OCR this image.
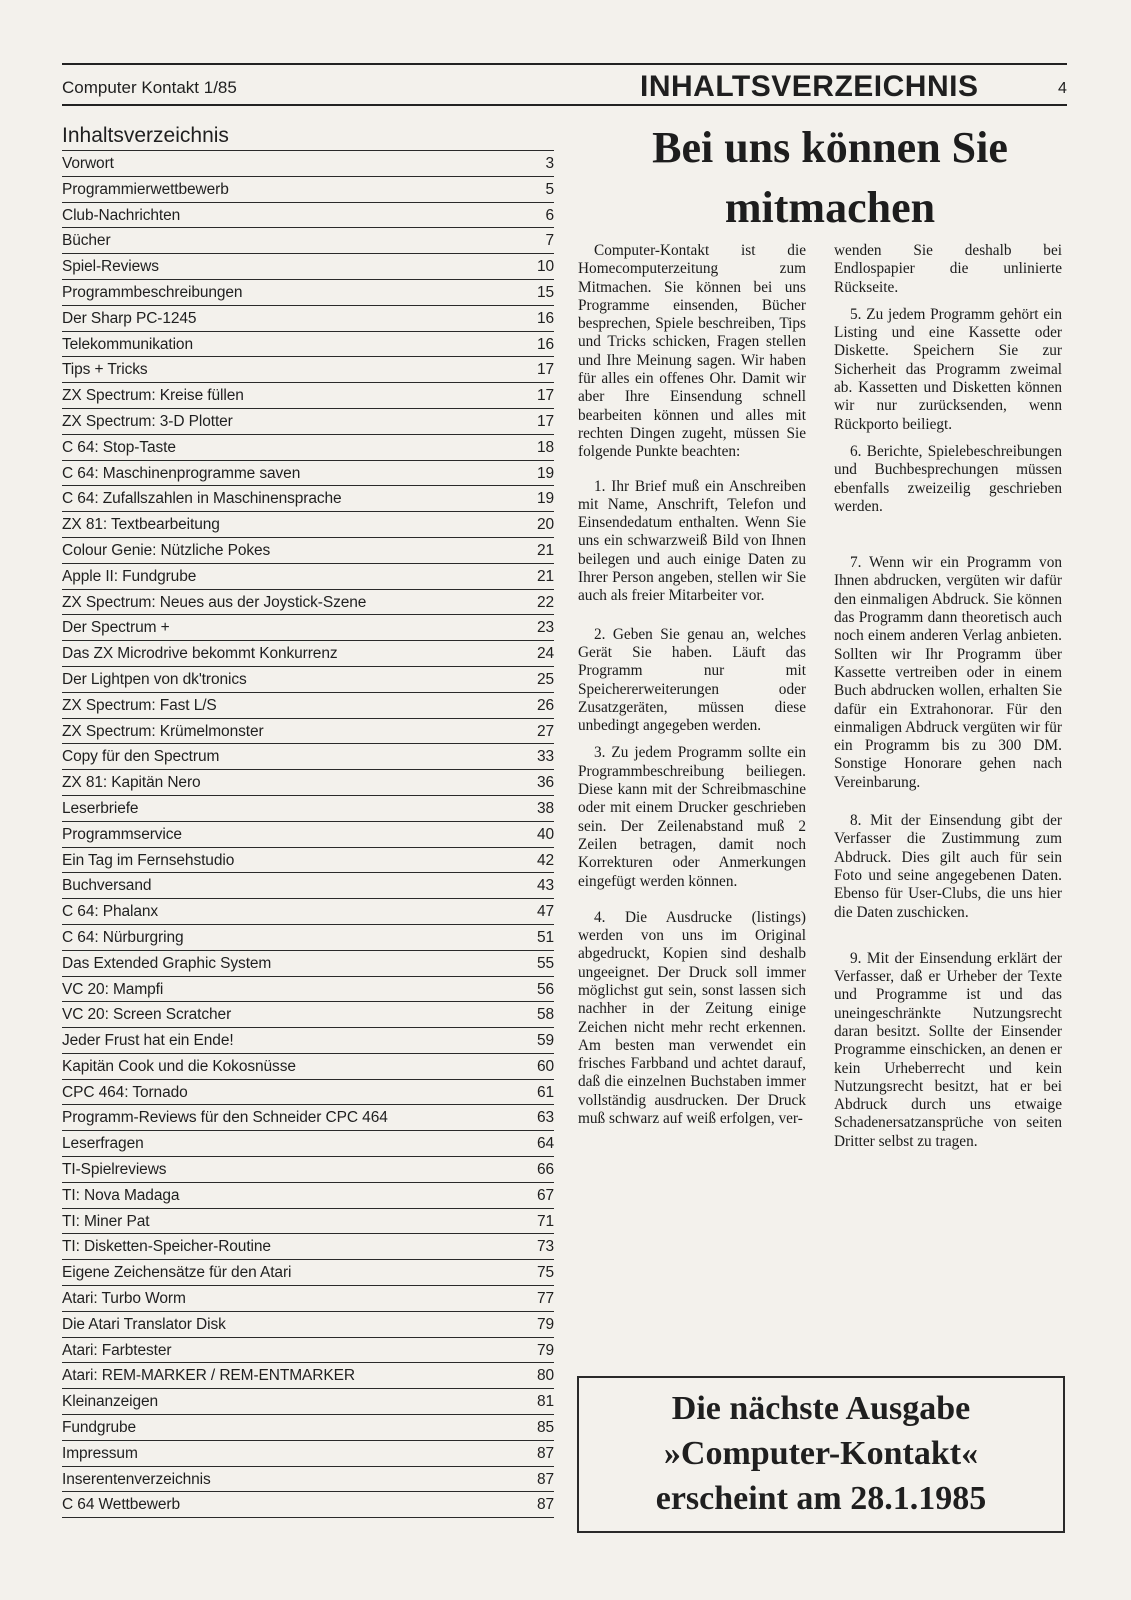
Computer Kontakt 1/85	INHALTSVERZEICHNIS	4
Inhaltsverzeichnis
Vorwort	3
Programmierwettbewerb	5
Club-Nachrichten	6
Bücher	7
Spiel-Reviews	10
Programmbeschreibungen	15
Der Sharp PC-1245	16
Telekommunikation	16
Tips + Tricks	17
ZX Spectrum: Kreise füllen	17
ZX Spectrum: 3-D Plotter	17
C 64: Stop-Taste	18
C 64: Maschinenprogramme saven	19
C 64: Zufallszahlen in Maschinensprache	19
ZX 81: Textbearbeitung	20
Colour Genie: Nützliche Pokes	21
Apple II: Fundgrube	21
ZX Spectrum: Neues aus der Joystick-Szene	22
Der Spectrum +	23
Das ZX Microdrive bekommt Konkurrenz	24
Der Lightpen von dk'tronics	25
ZX Spectrum: Fast L/S	26
ZX Spectrum: Krümelmonster	27
Copy für den Spectrum	33
ZX 81: Kapitän Nero	36
Leserbriefe	38
Programmservice	40
Ein Tag im Fernsehstudio	42
Buchversand	43
C 64: Phalanx	47
C 64: Nürburgring	51
Das Extended Graphic System	55
VC 20: Mampfi	56
VC 20: Screen Scratcher	58
Jeder Frust hat ein Ende!	59
Kapitän Cook und die Kokosnüsse	60
CPC 464: Tornado	61
Programm-Reviews für den Schneider CPC 464	63
Leserfragen	64
TI-Spielreviews	66
TI: Nova Madaga	67
TI: Miner Pat	71
TI: Disketten-Speicher-Routine	73
Eigene Zeichensätze für den Atari	75
Atari: Turbo Worm	77
Die Atari Translator Disk	79
Atari: Farbtester	79
Atari: REM-MARKER / REM-ENTMARKER	80
Kleinanzeigen	81
Fundgrube	85
Impressum	87
Inserentenverzeichnis	87
C 64 Wettbewerb	87
Bei uns können Sie
mitmachen

Computer-Kontakt ist die Homecomputerzeitung zum Mitmachen. Sie können bei uns Programme einsenden, Bücher besprechen, Spiele beschreiben, Tips und Tricks schicken, Fragen stellen und Ihre Meinung sagen. Wir haben für alles ein offenes Ohr. Damit wir aber Ihre Einsendung schnell bearbeiten können und alles mit rechten Dingen zugeht, müssen Sie folgende Punkte beachten:

1. Ihr Brief muß ein Anschreiben mit Name, Anschrift, Telefon und Einsendedatum enthalten. Wenn Sie uns ein schwarzweiß Bild von Ihnen beilegen und auch einige Daten zu Ihrer Person angeben, stellen wir Sie auch als freier Mitarbeiter vor.

2. Geben Sie genau an, welches Gerät Sie haben. Läuft das Programm nur mit Speichererweiterungen oder Zusatzgeräten, müssen diese unbedingt angegeben werden.

3. Zu jedem Programm sollte ein Programmbeschreibung beiliegen. Diese kann mit der Schreibmaschine oder mit einem Drucker geschrieben sein. Der Zeilenabstand muß 2 Zeilen betragen, damit noch Korrekturen oder Anmerkungen eingefügt werden können.

4. Die Ausdrucke (listings) werden von uns im Original abgedruckt, Kopien sind deshalb ungeeignet. Der Druck soll immer möglichst gut sein, sonst lassen sich nachher in der Zeitung einige Zeichen nicht mehr recht erkennen. Am besten man verwendet ein frisches Farbband und achtet darauf, daß die einzelnen Buchstaben immer vollständig ausdrucken. Der Druck muß schwarz auf weiß erfolgen, ver-

wenden Sie deshalb bei Endlospapier die unlinierte Rückseite.

5. Zu jedem Programm gehört ein Listing und eine Kassette oder Diskette. Speichern Sie zur Sicherheit das Programm zweimal ab. Kassetten und Disketten können wir nur zurücksenden, wenn Rückporto beiliegt.

6. Berichte, Spielebeschreibungen und Buchbesprechungen müssen ebenfalls zweizeilig geschrieben werden.

7. Wenn wir ein Programm von Ihnen abdrucken, vergüten wir dafür den einmaligen Abdruck. Sie können das Programm dann theoretisch auch noch einem anderen Verlag anbieten. Sollten wir Ihr Programm über Kassette vertreiben oder in einem Buch abdrucken wollen, erhalten Sie dafür ein Extrahonorar. Für den einmaligen Abdruck vergüten wir für ein Programm bis zu 300 DM. Sonstige Honorare gehen nach Vereinbarung.

8. Mit der Einsendung gibt der Verfasser die Zustimmung zum Abdruck. Dies gilt auch für sein Foto und seine angegebenen Daten. Ebenso für User-Clubs, die uns hier die Daten zuschicken.

9. Mit der Einsendung erklärt der Verfasser, daß er Urheber der Texte und Programme ist und das uneingeschränkte Nutzungsrecht daran besitzt. Sollte der Einsender Programme einschicken, an denen er kein Urheberrecht und kein Nutzungsrecht besitzt, hat er bei Abdruck durch uns etwaige Schadenersatzansprüche von seiten Dritter selbst zu tragen.

Die nächste Ausgabe
»Computer-Kontakt«
erscheint am 28.1.1985
